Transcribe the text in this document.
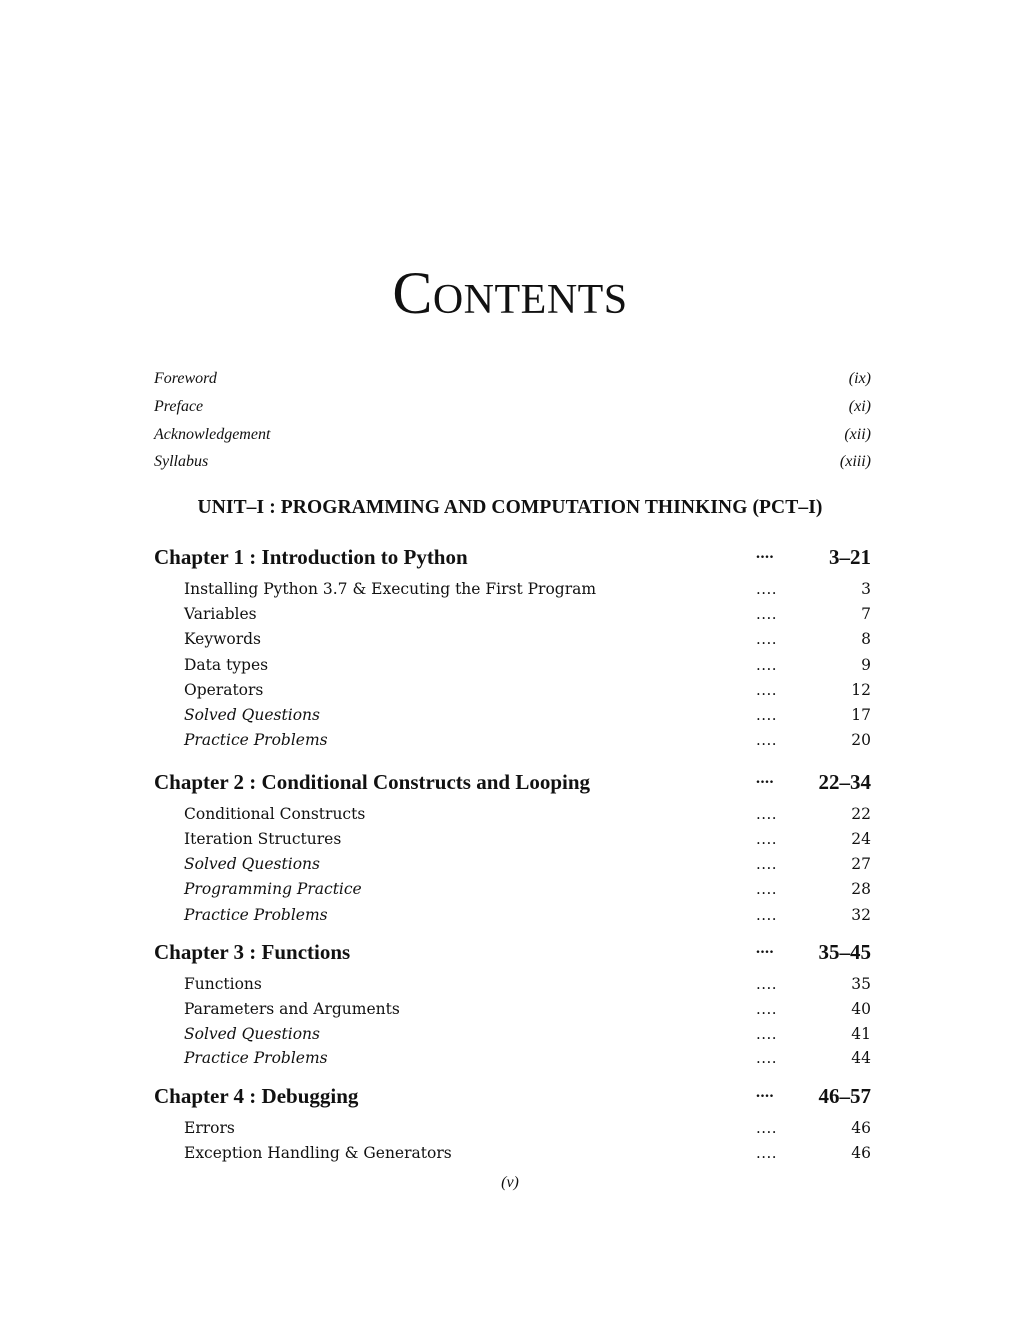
Contents
Foreword	(ix)
Preface	(xi)
Acknowledgement	(xii)
Syllabus	(xiii)
UNIT–I : PROGRAMMING AND COMPUTATION THINKING (PCT–I)
Chapter 1 : Introduction to Python	....	3–21
Installing Python 3.7 & Executing the First Program	....	3
Variables	....	7
Keywords	....	8
Data types	....	9
Operators	....	12
Solved Questions	....	17
Practice Problems	....	20
Chapter 2 : Conditional Constructs and Looping	.... 22–34
Conditional Constructs	....	22
Iteration Structures	....	24
Solved Questions	....	27
Programming Practice	....	28
Practice Problems	....	32
Chapter 3 : Functions	.... 35–45
Functions	....	35
Parameters and Arguments	....	40
Solved Questions	....	41
Practice Problems	....	44
Chapter 4 : Debugging	.... 46–57
Errors	....	46
Exception Handling & Generators	....	46
(v)
